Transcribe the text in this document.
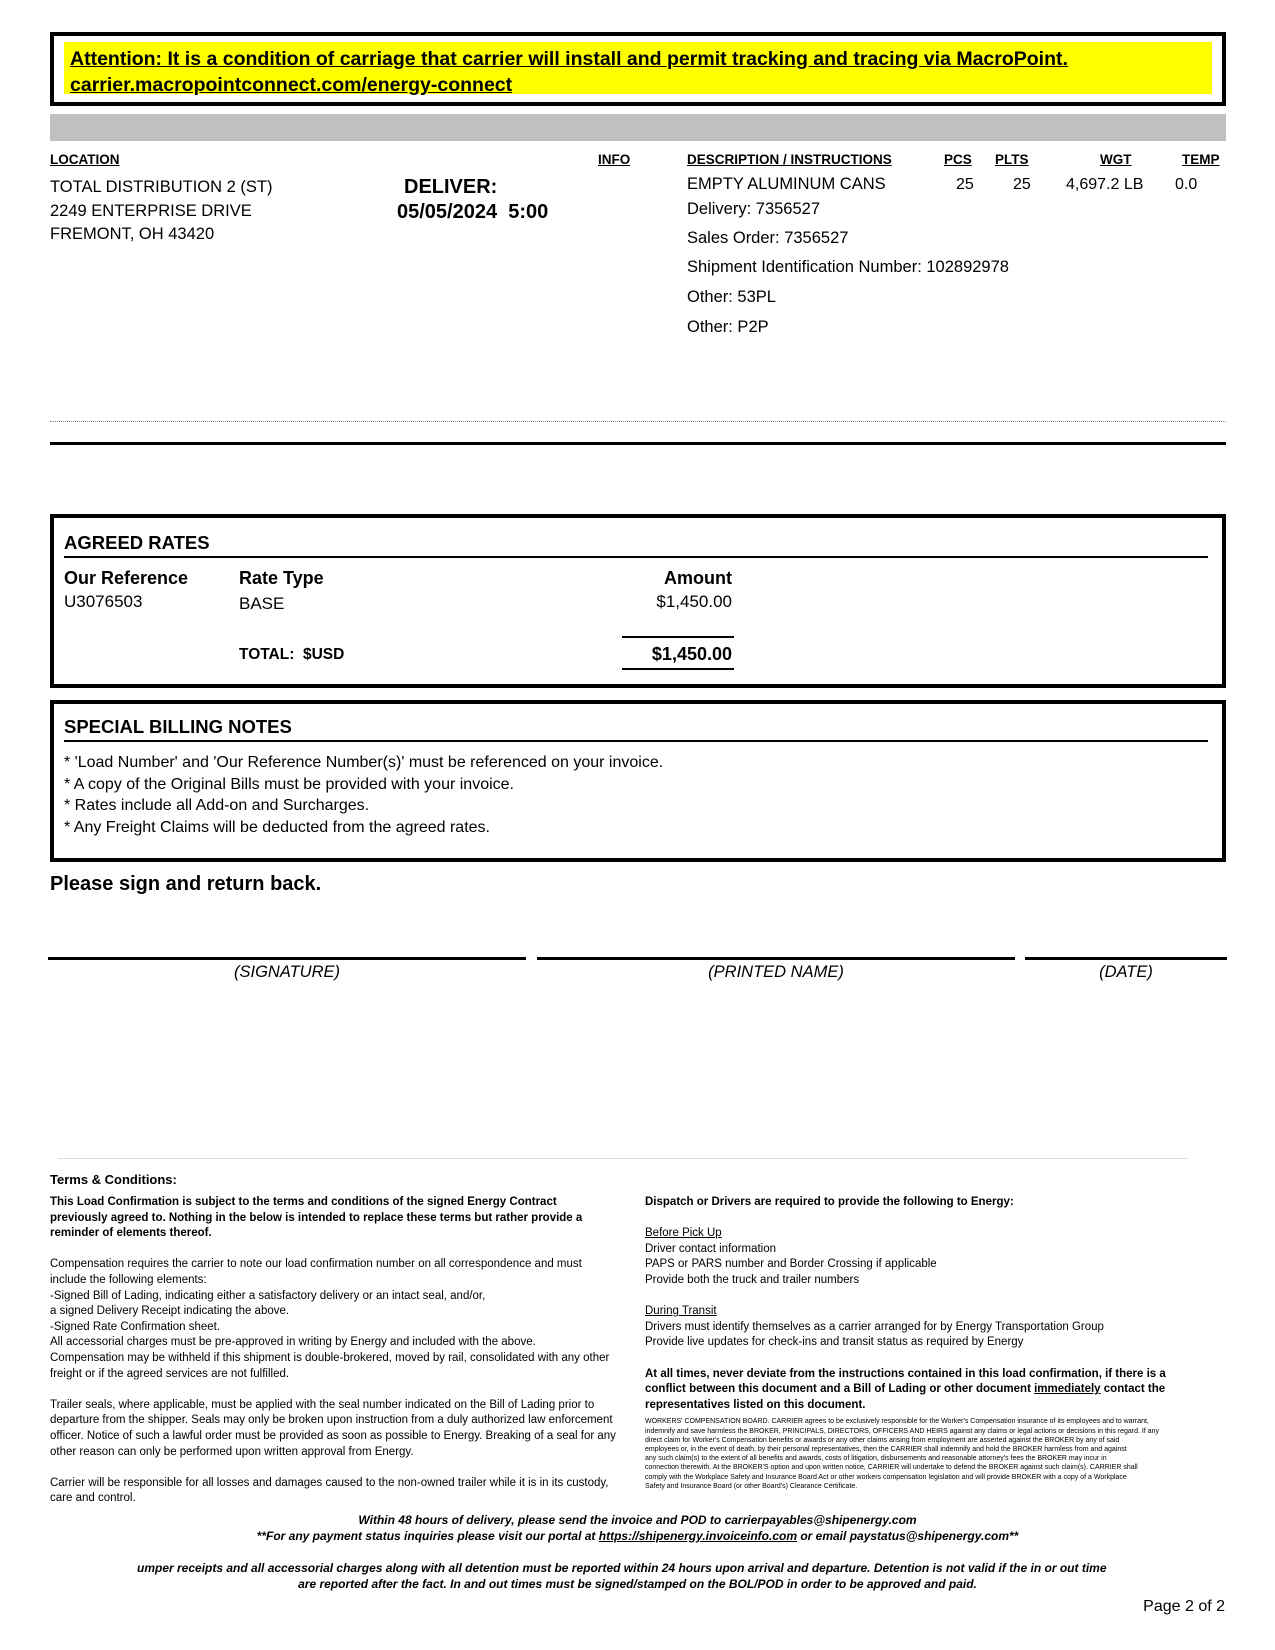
Attention: It is a condition of carriage that carrier will install and permit tracking and tracing via MacroPoint.
carrier.macropointconnect.com/energy-connect
LOCATION	INFO	DESCRIPTION / INSTRUCTIONS	PCS PLTS	WGT	TEMP
TOTAL DISTRIBUTION 2 (ST)
2249 ENTERPRISE DRIVE
FREMONT, OH 43420
DELIVER:
05/05/2024  5:00
EMPTY ALUMINUM CANS	25 25 4,697.2 LB 0.0
Delivery: 7356527
Sales Order: 7356527
Shipment Identification Number: 102892978
Other: 53PL
Other: P2P
AGREED RATES
Our Reference	Rate Type	Amount
U3076503	BASE	$1,450.00
TOTAL:  $USD	$1,450.00
SPECIAL BILLING NOTES
* 'Load Number' and 'Our Reference Number(s)' must be referenced on your invoice.
* A copy of the Original Bills must be provided with your invoice.
* Rates include all Add-on and Surcharges.
* Any Freight Claims will be deducted from the agreed rates.
Please sign and return back.
(SIGNATURE)	(PRINTED NAME)	(DATE)
Terms & Conditions:
This Load Confirmation is subject to the terms and conditions of the signed Energy Contract
previously agreed to. Nothing in the below is intended to replace these terms but rather provide a
reminder of elements thereof.
Compensation requires the carrier to note our load confirmation number on all correspondence and must
include the following elements:
-Signed Bill of Lading, indicating either a satisfactory delivery or an intact seal, and/or,
a signed Delivery Receipt indicating the above.
-Signed Rate Confirmation sheet.
All accessorial charges must be pre-approved in writing by Energy and included with the above.
Compensation may be withheld if this shipment is double-brokered, moved by rail, consolidated with any other
freight or if the agreed services are not fulfilled.
Trailer seals, where applicable, must be applied with the seal number indicated on the Bill of Lading prior to
departure from the shipper. Seals may only be broken upon instruction from a duly authorized law enforcement
officer. Notice of such a lawful order must be provided as soon as possible to Energy. Breaking of a seal for any
other reason can only be performed upon written approval from Energy.
Carrier will be responsible for all losses and damages caused to the non-owned trailer while it is in its custody,
care and control.
Dispatch or Drivers are required to provide the following to Energy:
Before Pick Up
Driver contact information
PAPS or PARS number and Border Crossing if applicable
Provide both the truck and trailer numbers
During Transit
Drivers must identify themselves as a carrier arranged for by Energy Transportation Group
Provide live updates for check-ins and transit status as required by Energy
At all times, never deviate from the instructions contained in this load confirmation, if there is a
conflict between this document and a Bill of Lading or other document immediately contact the
representatives listed on this document.
WORKERS' COMPENSATION BOARD. CARRIER agrees to be exclusively responsible for the Worker's Compensation insurance of its employees and to warrant,
indemnify and save harmless the BROKER, PRINCIPALS, DIRECTORS, OFFICERS AND HEIRS against any claims or legal actions or decisions in this regard. If any
direct claim for Worker's Compensation benefits or awards or any other claims arising from employment are asserted against the BROKER by any of said
employees or, in the event of death, by their personal representatives, then the CARRIER shall indemnify and hold the BROKER harmless from and against
any such claim(s) to the extent of all benefits and awards, costs of litigation, disbursements and reasonable attorney's fees the BROKER may incur in
connection therewith. At the BROKER'S option and upon written notice, CARRIER will undertake to defend the BROKER against such claim(s). CARRIER shall
comply with the Workplace Safety and Insurance Board Act or other workers compensation legislation and will provide BROKER with a copy of a Workplace
Safety and Insurance Board (or other Board's) Clearance Certificate.
Within 48 hours of delivery, please send the invoice and POD to carrierpayables@shipenergy.com
**For any payment status inquiries please visit our portal at https://shipenergy.invoiceinfo.com or email paystatus@shipenergy.com**
umper receipts and all accessorial charges along with all detention must be reported within 24 hours upon arrival and departure. Detention is not valid if the in or out time
are reported after the fact. In and out times must be signed/stamped on the BOL/POD in order to be approved and paid.
Page 2 of 2
